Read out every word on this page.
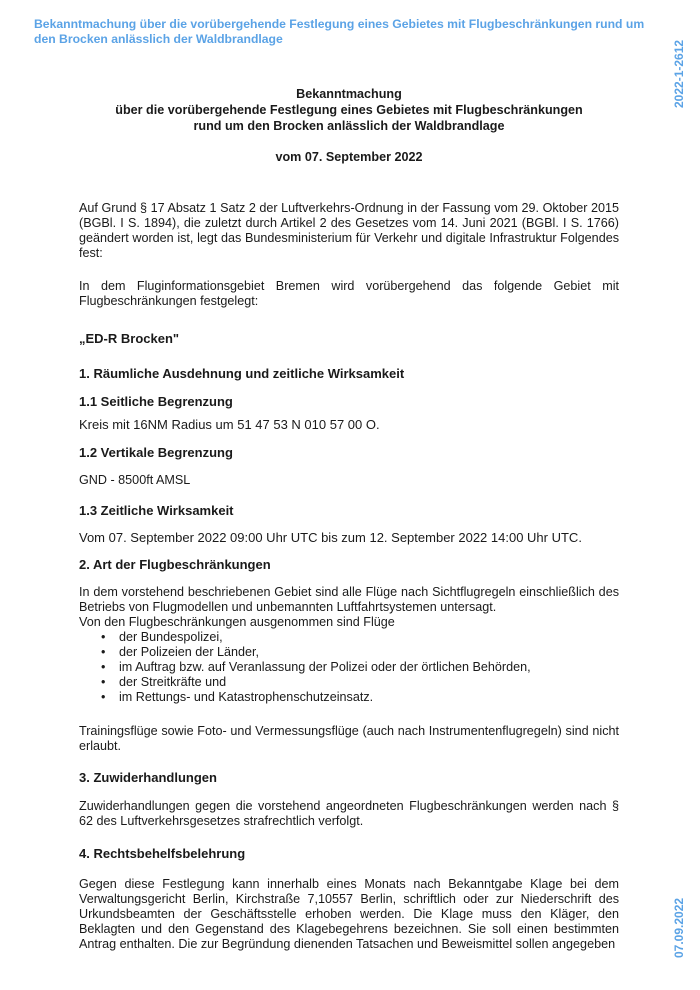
Bekanntmachung über die vorübergehende Festlegung eines Gebietes mit Flugbeschränkungen rund um den Brocken anlässlich der Waldbrandlage
2022-1-2612
07.09.2022
Bekanntmachung
über die vorübergehende Festlegung eines Gebietes mit Flugbeschränkungen
rund um den Brocken anlässlich der Waldbrandlage
vom 07. September 2022

Auf Grund § 17 Absatz 1 Satz 2 der Luftverkehrs-Ordnung in der Fassung vom 29. Oktober 2015 (BGBl. I S. 1894), die zuletzt durch Artikel 2 des Gesetzes vom 14. Juni 2021 (BGBl. I S. 1766) geändert worden ist, legt das Bundesministerium für Verkehr und digitale Infrastruktur Folgendes fest:

In dem Fluginformationsgebiet Bremen wird vorübergehend das folgende Gebiet mit Flugbeschränkungen festgelegt:

„ED-R Brocken"

1. Räumliche Ausdehnung und zeitliche Wirksamkeit

1.1 Seitliche Begrenzung

Kreis mit 16NM Radius um 51 47 53 N 010 57 00 O.

1.2 Vertikale Begrenzung

GND - 8500ft AMSL

1.3 Zeitliche Wirksamkeit

Vom 07. September 2022 09:00 Uhr UTC bis zum 12. September 2022 14:00 Uhr UTC.

2. Art der Flugbeschränkungen

In dem vorstehend beschriebenen Gebiet sind alle Flüge nach Sichtflugregeln einschließlich des Betriebs von Flugmodellen und unbemannten Luftfahrtsystemen untersagt.

Von den Flugbeschränkungen ausgenommen sind Flüge

• der Bundespolizei,
• der Polizeien der Länder,
• im Auftrag bzw. auf Veranlassung der Polizei oder der örtlichen Behörden,
• der Streitkräfte und
• im Rettungs- und Katastrophenschutzeinsatz.

Trainingsflüge sowie Foto- und Vermessungsflüge (auch nach Instrumentenflugregeln) sind nicht erlaubt.

3. Zuwiderhandlungen

Zuwiderhandlungen gegen die vorstehend angeordneten Flugbeschränkungen werden nach § 62 des Luftverkehrsgesetzes strafrechtlich verfolgt.

4. Rechtsbehelfsbelehrung

Gegen diese Festlegung kann innerhalb eines Monats nach Bekanntgabe Klage bei dem Verwaltungsgericht Berlin, Kirchstraße 7,10557 Berlin, schriftlich oder zur Niederschrift des Urkundsbeamten der Geschäftsstelle erhoben werden. Die Klage muss den Kläger, den Beklagten und den Gegenstand des Klagebegehrens bezeichnen. Sie soll einen bestimmten Antrag enthalten. Die zur Begründung dienenden Tatsachen und Beweismittel sollen angegeben
